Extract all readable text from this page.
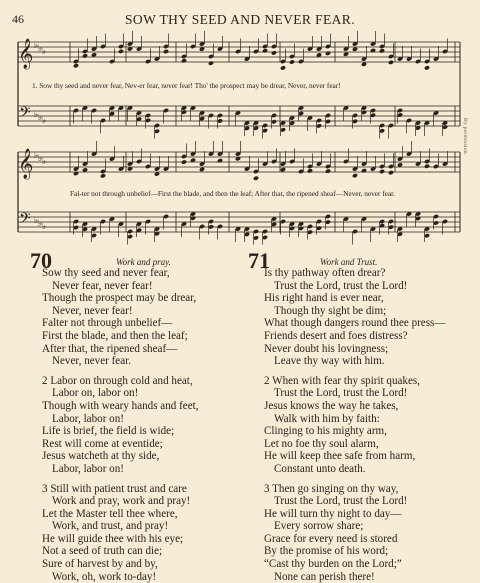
46	SOW THY SEED AND NEVER FEAR.
By permission.
𝄞
𝄢
♭ ♭ ♭
♭ ♭ ♭
𝄞
𝄢
♭ ♭ ♭
♭ ♭ ♭
1. Sow thy seed and never fear, Nev-er fear, never fear! Tho' the prospect may be drear, Never, never fear!
Fal-ter not through unbelief—First the blade, and then the leaf; After that, the ripened sheaf—Never, never fear.
70	Work and pray.
Sow thy seed and never fear,
Never fear, never fear!
Though the prospect may be drear,
Never, never fear!
Falter not through unbelief—
First the blade, and then the leaf;
After that, the ripened sheaf—
Never, never fear.
2 Labor on through cold and heat,
Labor on, labor on!
Though with weary hands and feet,
Labor, labor on!
Life is brief, the field is wide;
Rest will come at eventide;
Jesus watcheth at thy side,
Labor, labor on!
3 Still with patient trust and care
Work and pray, work and pray!
Let the Master tell thee where,
Work, and trust, and pray!
He will guide thee with his eye;
Not a seed of truth can die;
Sure of harvest by and by,
Work, oh, work to-day!
71	Work and Trust.
Is thy pathway often drear?
Trust the Lord, trust the Lord!
His right hand is ever near,
Though thy sight be dim;
What though dangers round thee press—
Friends desert and foes distress?
Never doubt his lovingness;
Leave thy way with him.
2 When with fear thy spirit quakes,
Trust the Lord, trust the Lord!
Jesus knows the way he takes,
Walk with him by faith:
Clinging to his mighty arm,
Let no foe thy soul alarm,
He will keep thee safe from harm,
Constant unto death.
3 Then go singing on thy way,
Trust the Lord, trust the Lord!
He will turn thy night to day—
Every sorrow share;
Grace for every need is stored
By the promise of his word;
“Cast thy burden on the Lord;”
None can perish there!
